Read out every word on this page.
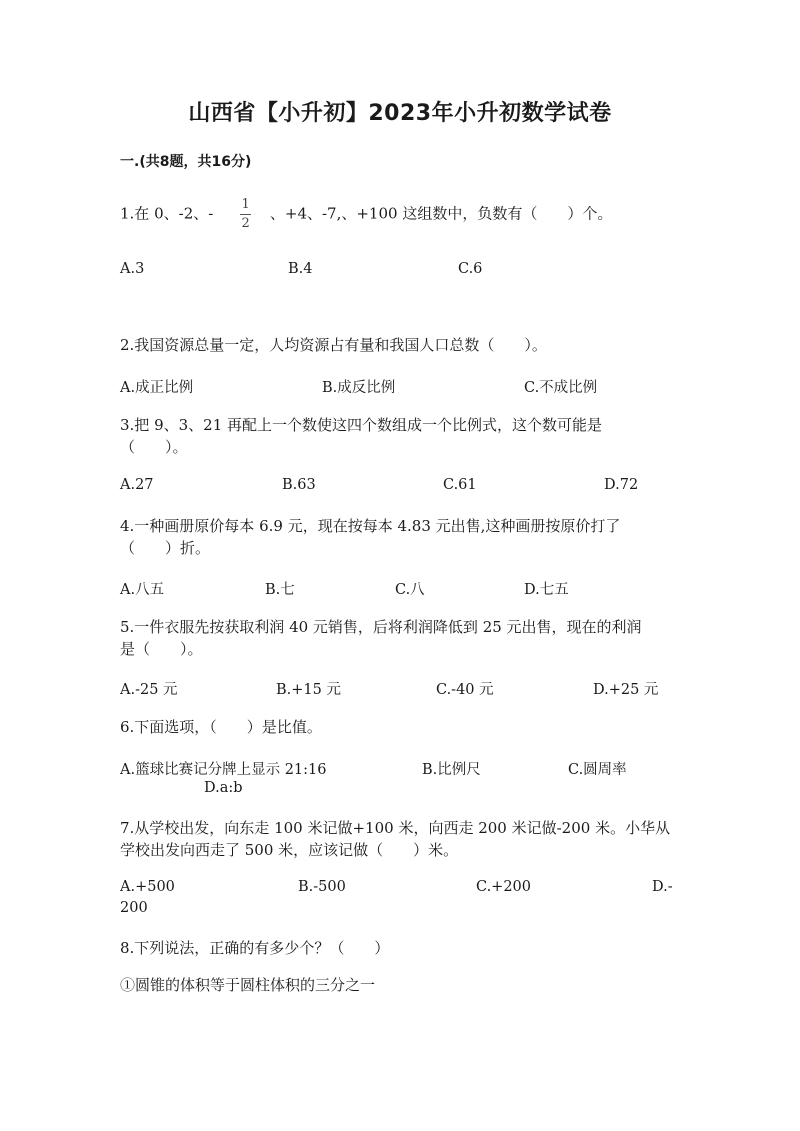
山西省【小升初】2023年小升初数学试卷
一.(共8题，共16分)
1.在 0、-2、- $\frac{1}{2}$ 、+4、-7,、+100 这组数中，负数有（　　）个。
A.3	B.4	C.6
2.我国资源总量一定，人均资源占有量和我国人口总数（　　）。
A.成正比例	B.成反比例	C.不成比例
3.把 9、3、21 再配上一个数使这四个数组成一个比例式，这个数可能是
（　　）。
A.27	B.63	C.61	D.72
4.一种画册原价每本 6.9 元，现在按每本 4.83 元出售,这种画册按原价打了
（　　）折。
A.八五	B.七	C.八	D.七五
5.一件衣服先按获取利润 40 元销售，后将利润降低到 25 元出售，现在的利润
是（　　）。
A.-25 元	B.+15 元	C.-40 元	D.+25 元
6.下面选项，（　　）是比值。
A.篮球比赛记分牌上显示 21:16	B.比例尺	C.圆周率
D.a:b
7.从学校出发，向东走 100 米记做+100 米，向西走 200 米记做-200 米。小华从
学校出发向西走了 500 米，应该记做（　　）米。
A.+500	B.-500	C.+200	D.-
200
8.下列说法，正确的有多少个？（　　）
①圆锥的体积等于圆柱体积的三分之一
